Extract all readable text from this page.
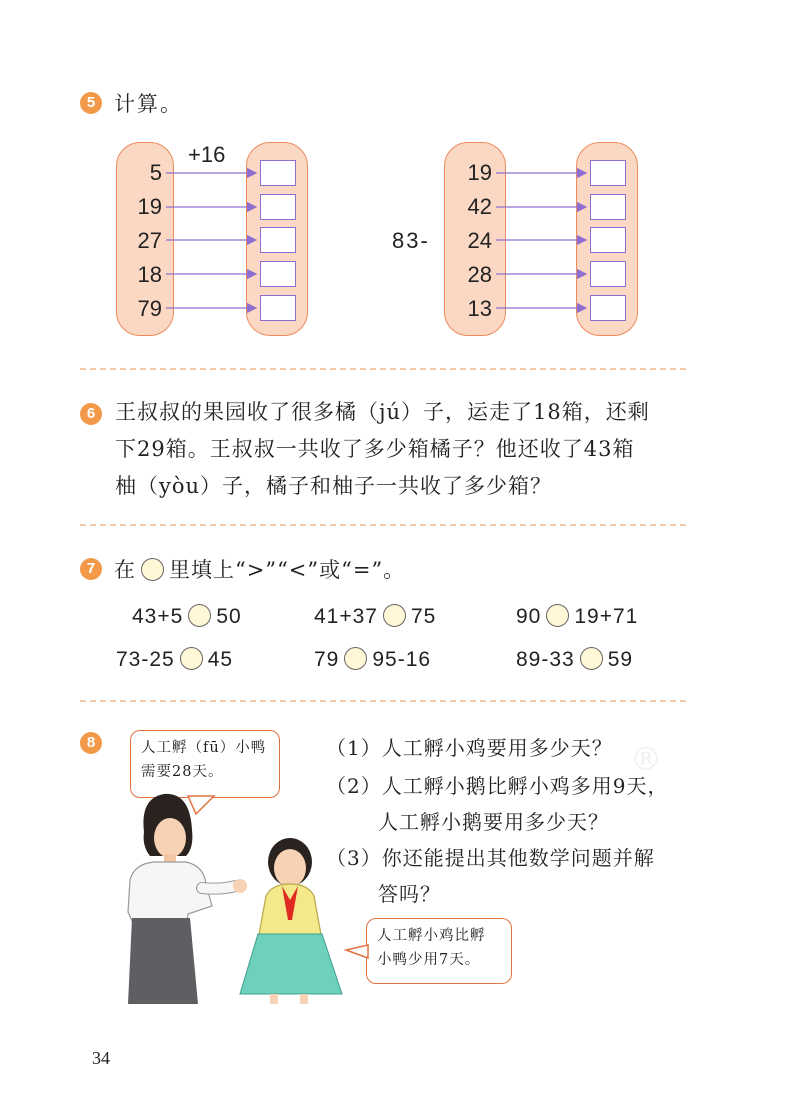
5 计算。
+16
83-
5
19
27
18
79
19
42
24
28
13
6 王叔叔的果园收了很多橘（jú）子，运走了18箱，还剩
下29箱。王叔叔一共收了多少箱橘子？他还收了43箱
柚（yòu）子，橘子和柚子一共收了多少箱？
7 在 里填上“>”“<”或“=”。
43+5 50	41+37 75	90 19+71
73-25 45	79 95-16	89-33 59
8	®
人工孵（fū）小鸭
需要28天。
人工孵小鸡比孵
小鸭少用7天。
（1）人工孵小鸡要用多少天？
（2）人工孵小鹅比孵小鸡多用9天，
人工孵小鹅要用多少天？
（3）你还能提出其他数学问题并解
答吗？
34
